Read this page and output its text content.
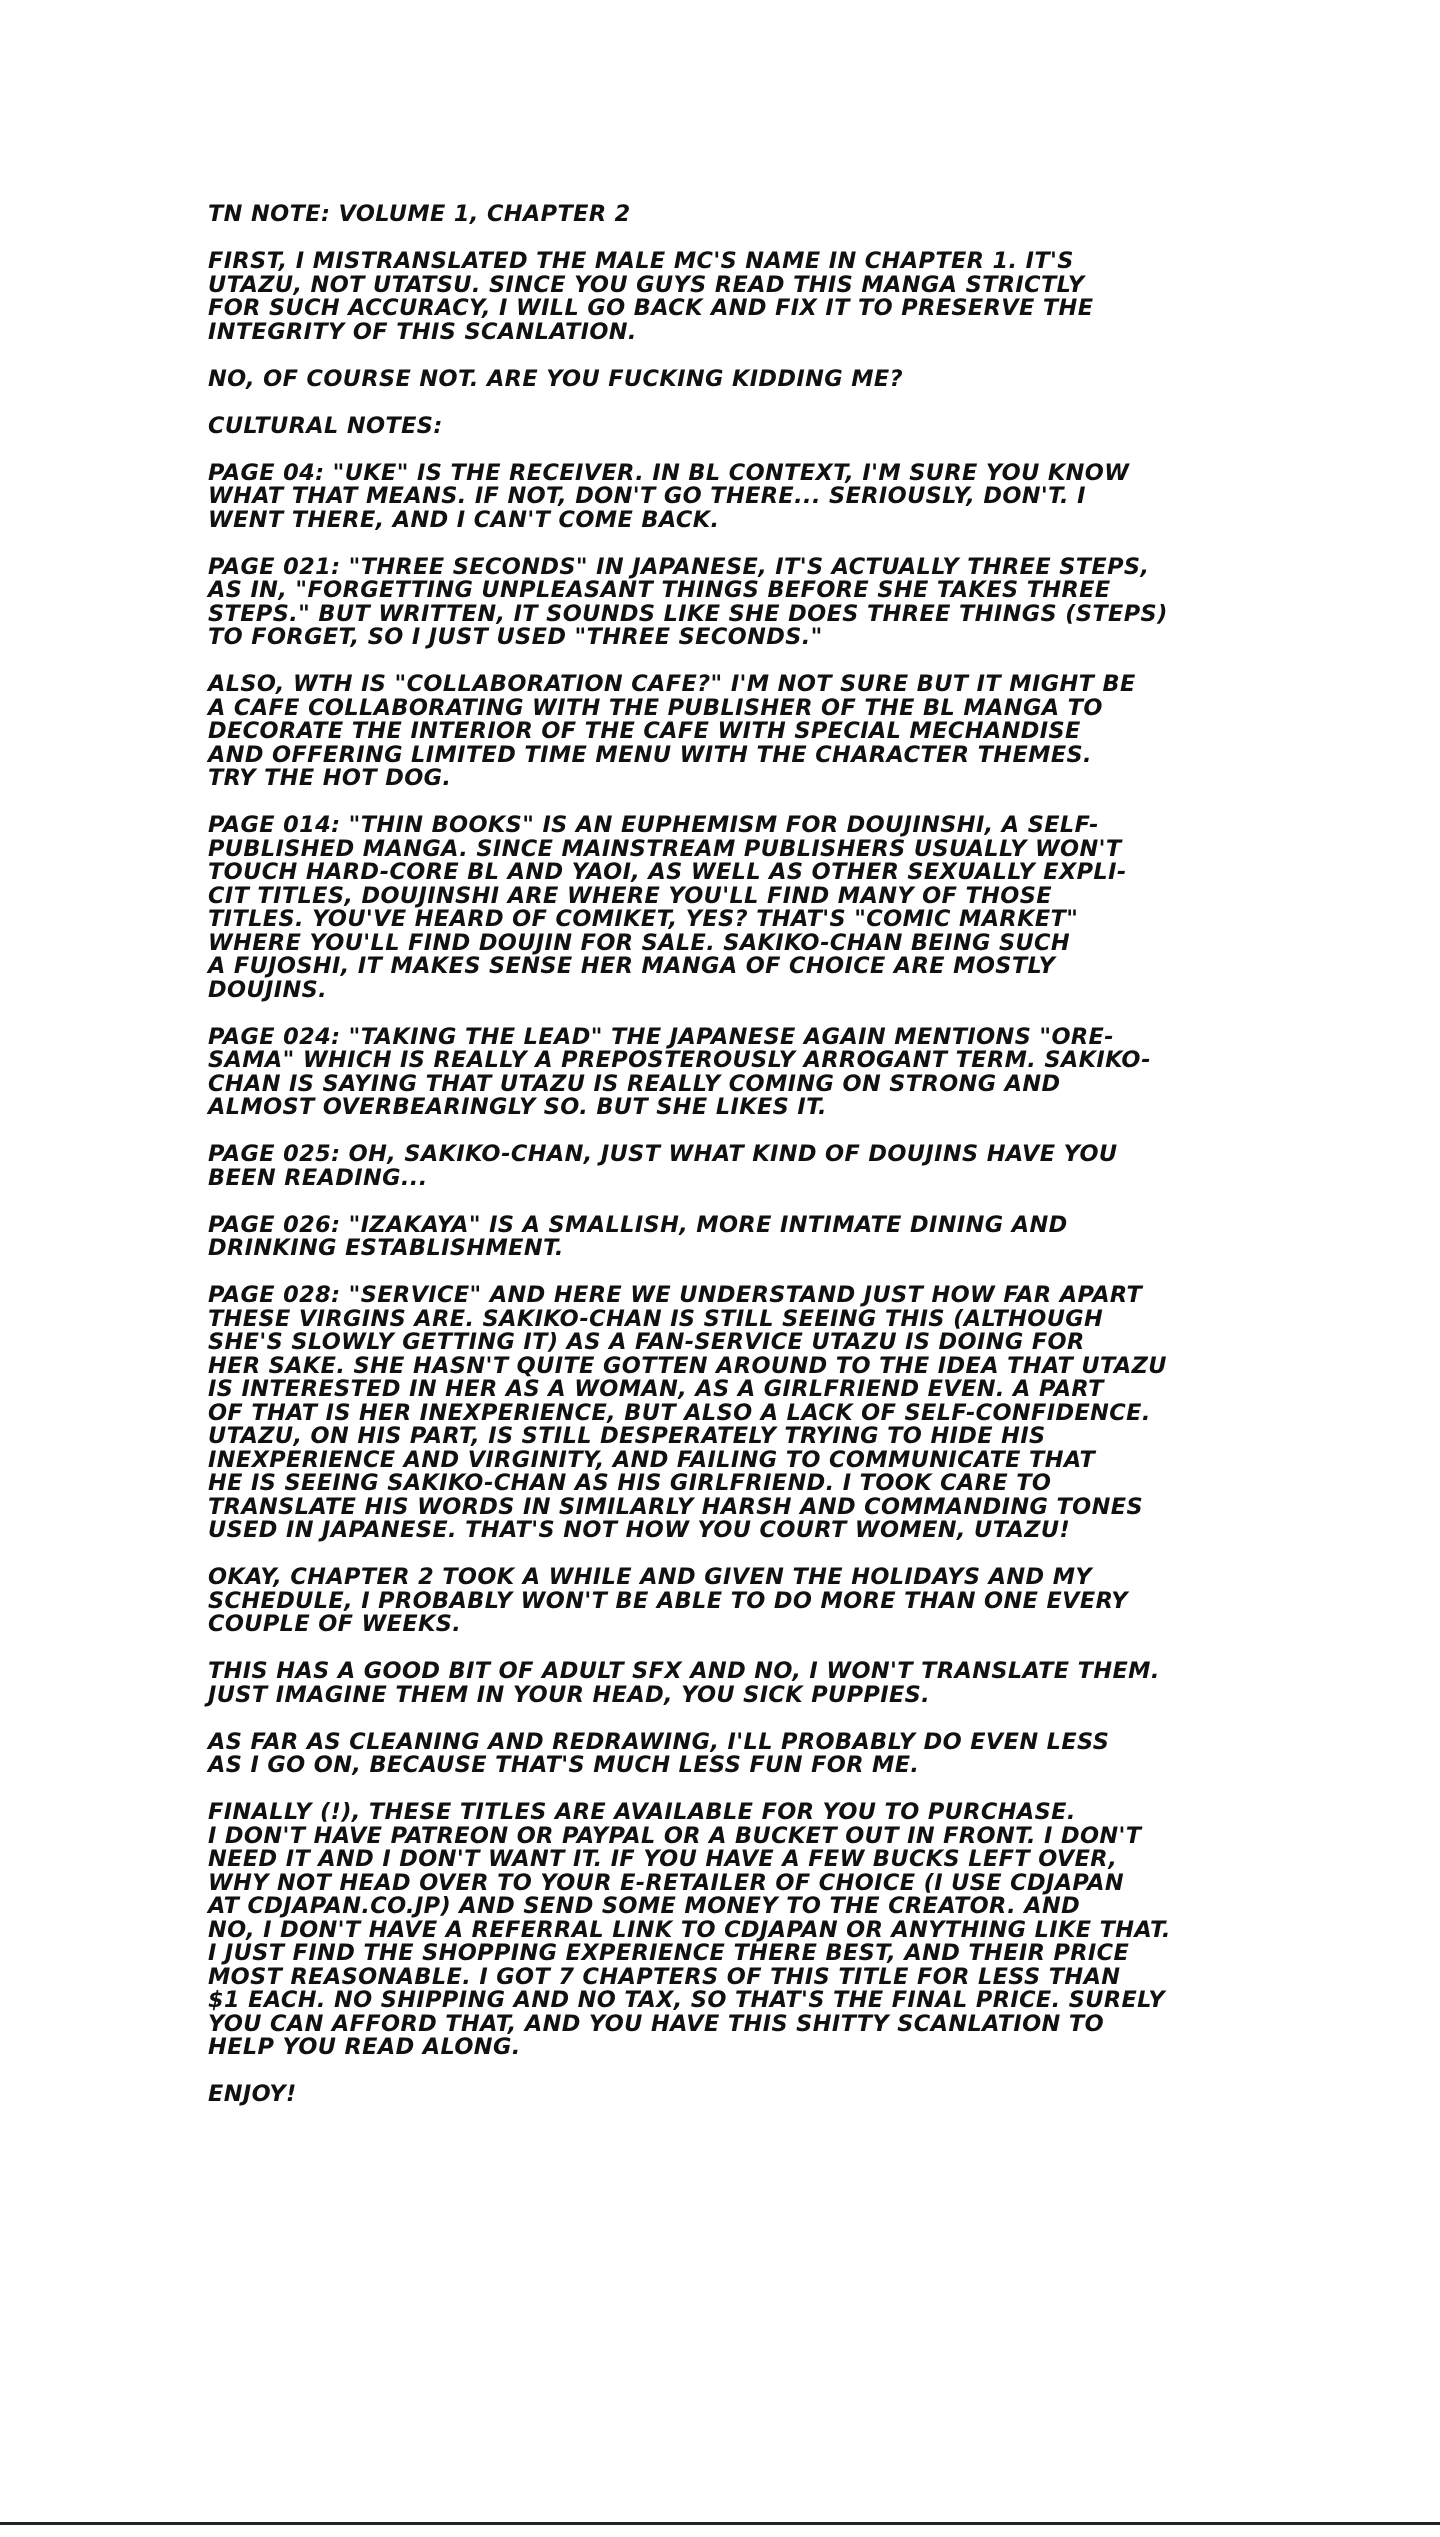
TN NOTE: VOLUME 1, CHAPTER 2
FIRST, I MISTRANSLATED THE MALE MC'S NAME IN CHAPTER 1. IT'S
UTAZU, NOT UTATSU. SINCE YOU GUYS READ THIS MANGA STRICTLY
FOR SUCH ACCURACY, I WILL GO BACK AND FIX IT TO PRESERVE THE
INTEGRITY OF THIS SCANLATION.
NO, OF COURSE NOT. ARE YOU FUCKING KIDDING ME?
CULTURAL NOTES:
PAGE 04: "UKE" IS THE RECEIVER. IN BL CONTEXT, I'M SURE YOU KNOW
WHAT THAT MEANS. IF NOT, DON'T GO THERE... SERIOUSLY, DON'T. I
WENT THERE, AND I CAN'T COME BACK.
PAGE 021: "THREE SECONDS" IN JAPANESE, IT'S ACTUALLY THREE STEPS,
AS IN, "FORGETTING UNPLEASANT THINGS BEFORE SHE TAKES THREE
STEPS." BUT WRITTEN, IT SOUNDS LIKE SHE DOES THREE THINGS (STEPS)
TO FORGET, SO I JUST USED "THREE SECONDS."
ALSO, WTH IS "COLLABORATION CAFE?" I'M NOT SURE BUT IT MIGHT BE
A CAFE COLLABORATING WITH THE PUBLISHER OF THE BL MANGA TO
DECORATE THE INTERIOR OF THE CAFE WITH SPECIAL MECHANDISE
AND OFFERING LIMITED TIME MENU WITH THE CHARACTER THEMES.
TRY THE HOT DOG.
PAGE 014: "THIN BOOKS" IS AN EUPHEMISM FOR DOUJINSHI, A SELF-
PUBLISHED MANGA. SINCE MAINSTREAM PUBLISHERS USUALLY WON'T
TOUCH HARD-CORE BL AND YAOI, AS WELL AS OTHER SEXUALLY EXPLI-
CIT TITLES, DOUJINSHI ARE WHERE YOU'LL FIND MANY OF THOSE
TITLES. YOU'VE HEARD OF COMIKET, YES? THAT'S "COMIC MARKET"
WHERE YOU'LL FIND DOUJIN FOR SALE. SAKIKO-CHAN BEING SUCH
A FUJOSHI, IT MAKES SENSE HER MANGA OF CHOICE ARE MOSTLY
DOUJINS.
PAGE 024: "TAKING THE LEAD" THE JAPANESE AGAIN MENTIONS "ORE-
SAMA" WHICH IS REALLY A PREPOSTEROUSLY ARROGANT TERM. SAKIKO-
CHAN IS SAYING THAT UTAZU IS REALLY COMING ON STRONG AND
ALMOST OVERBEARINGLY SO. BUT SHE LIKES IT.
PAGE 025: OH, SAKIKO-CHAN, JUST WHAT KIND OF DOUJINS HAVE YOU
BEEN READING...
PAGE 026: "IZAKAYA" IS A SMALLISH, MORE INTIMATE DINING AND
DRINKING ESTABLISHMENT.
PAGE 028: "SERVICE" AND HERE WE UNDERSTAND JUST HOW FAR APART
THESE VIRGINS ARE. SAKIKO-CHAN IS STILL SEEING THIS (ALTHOUGH
SHE'S SLOWLY GETTING IT) AS A FAN-SERVICE UTAZU IS DOING FOR
HER SAKE. SHE HASN'T QUITE GOTTEN AROUND TO THE IDEA THAT UTAZU
IS INTERESTED IN HER AS A WOMAN, AS A GIRLFRIEND EVEN. A PART
OF THAT IS HER INEXPERIENCE, BUT ALSO A LACK OF SELF-CONFIDENCE.
UTAZU, ON HIS PART, IS STILL DESPERATELY TRYING TO HIDE HIS
INEXPERIENCE AND VIRGINITY, AND FAILING TO COMMUNICATE THAT
HE IS SEEING SAKIKO-CHAN AS HIS GIRLFRIEND. I TOOK CARE TO
TRANSLATE HIS WORDS IN SIMILARLY HARSH AND COMMANDING TONES
USED IN JAPANESE. THAT'S NOT HOW YOU COURT WOMEN, UTAZU!
OKAY, CHAPTER 2 TOOK A WHILE AND GIVEN THE HOLIDAYS AND MY
SCHEDULE, I PROBABLY WON'T BE ABLE TO DO MORE THAN ONE EVERY
COUPLE OF WEEKS.
THIS HAS A GOOD BIT OF ADULT SFX AND NO, I WON'T TRANSLATE THEM.
JUST IMAGINE THEM IN YOUR HEAD, YOU SICK PUPPIES.
AS FAR AS CLEANING AND REDRAWING, I'LL PROBABLY DO EVEN LESS
AS I GO ON, BECAUSE THAT'S MUCH LESS FUN FOR ME.
FINALLY (!), THESE TITLES ARE AVAILABLE FOR YOU TO PURCHASE.
I DON'T HAVE PATREON OR PAYPAL OR A BUCKET OUT IN FRONT. I DON'T
NEED IT AND I DON'T WANT IT. IF YOU HAVE A FEW BUCKS LEFT OVER,
WHY NOT HEAD OVER TO YOUR E-RETAILER OF CHOICE (I USE CDJAPAN
AT CDJAPAN.CO.JP) AND SEND SOME MONEY TO THE CREATOR. AND
NO, I DON'T HAVE A REFERRAL LINK TO CDJAPAN OR ANYTHING LIKE THAT.
I JUST FIND THE SHOPPING EXPERIENCE THERE BEST, AND THEIR PRICE
MOST REASONABLE. I GOT 7 CHAPTERS OF THIS TITLE FOR LESS THAN
$1 EACH. NO SHIPPING AND NO TAX, SO THAT'S THE FINAL PRICE. SURELY
YOU CAN AFFORD THAT, AND YOU HAVE THIS SHITTY SCANLATION TO
HELP YOU READ ALONG.
ENJOY!
